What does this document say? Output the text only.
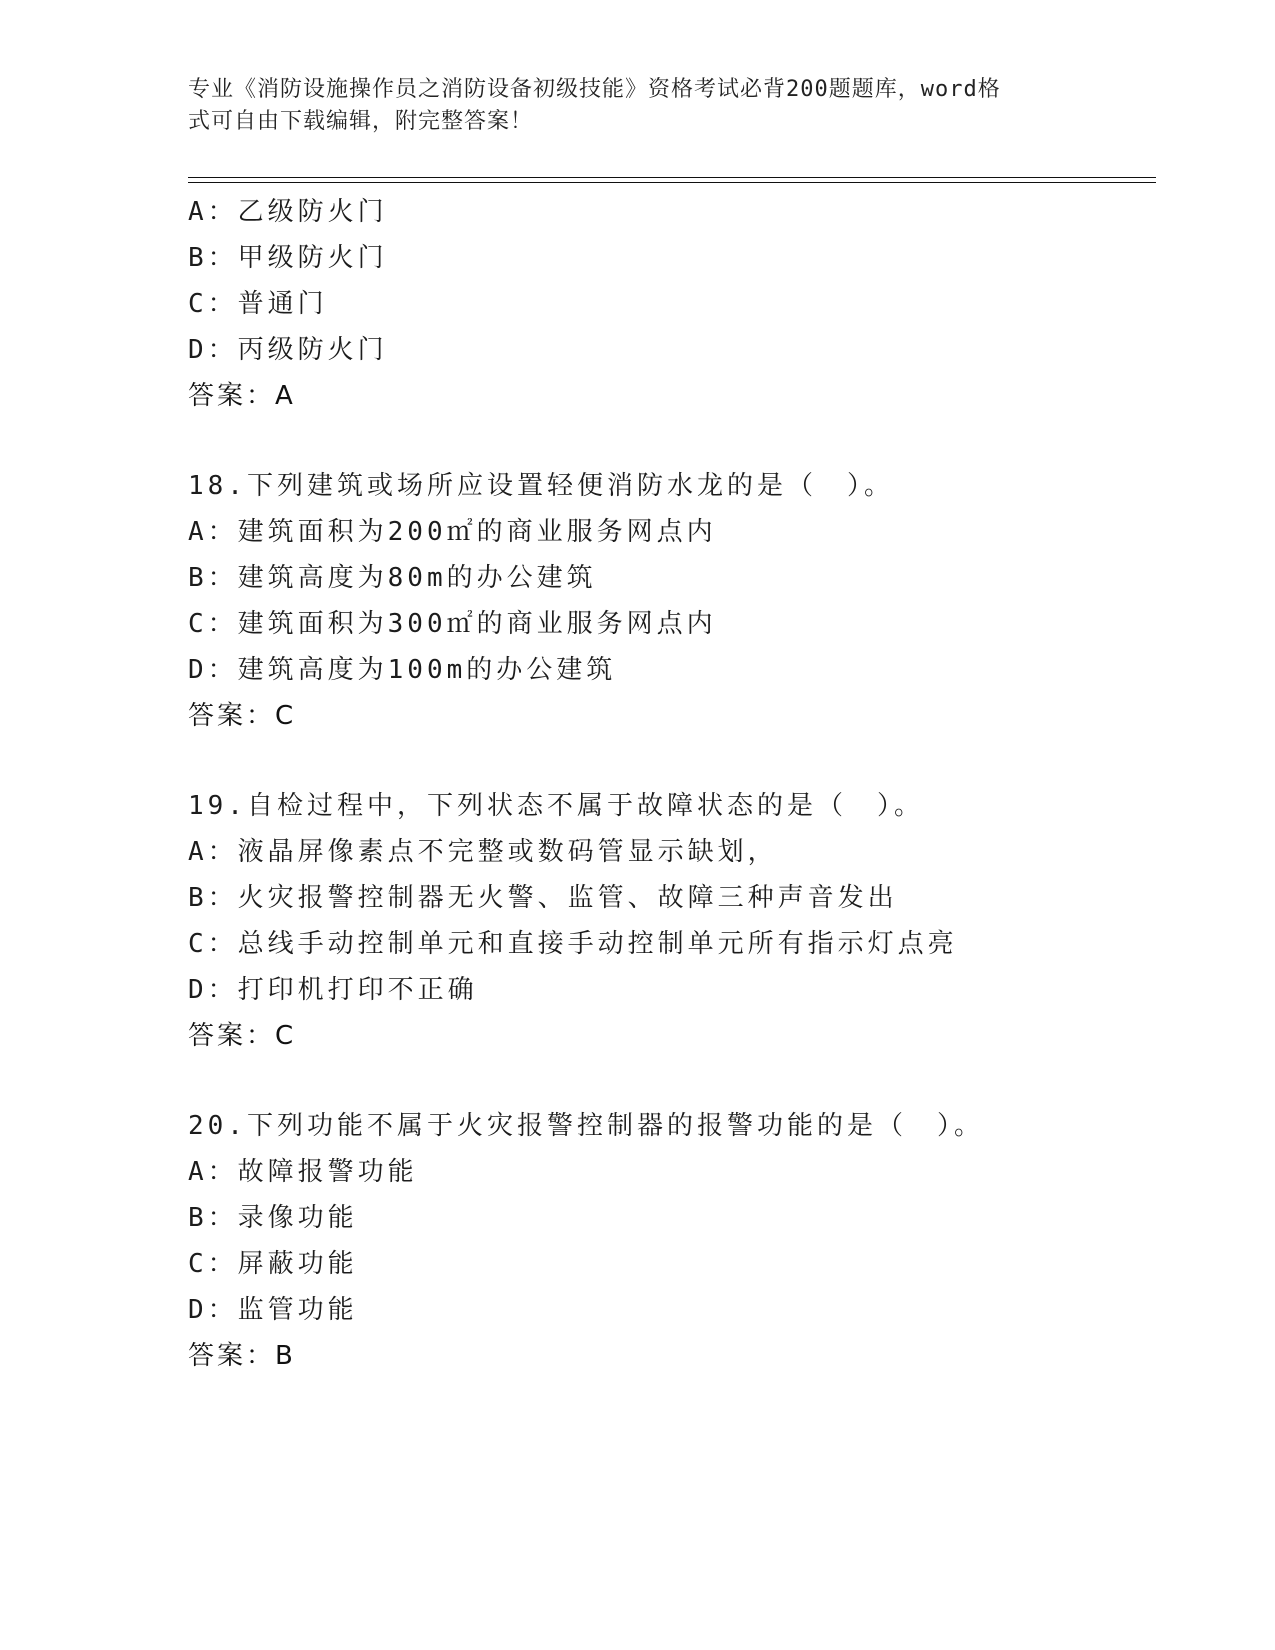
专业《消防设施操作员之消防设备初级技能》资格考试必背200题题库，word格
式可自由下载编辑，附完整答案！
A：乙级防火门
B：甲级防火门
C：普通门
D：丙级防火门
答案：A
18.下列建筑或场所应设置轻便消防水龙的是（　）。
A：建筑面积为200㎡的商业服务网点内
B：建筑高度为80m的办公建筑
C：建筑面积为300㎡的商业服务网点内
D：建筑高度为100m的办公建筑
答案：C
19.自检过程中，下列状态不属于故障状态的是（　）。
A：液晶屏像素点不完整或数码管显示缺划，
B：火灾报警控制器无火警、监管、故障三种声音发出
C：总线手动控制单元和直接手动控制单元所有指示灯点亮
D：打印机打印不正确
答案：C
20.下列功能不属于火灾报警控制器的报警功能的是（　）。
A：故障报警功能
B：录像功能
C：屏蔽功能
D：监管功能
答案：B
